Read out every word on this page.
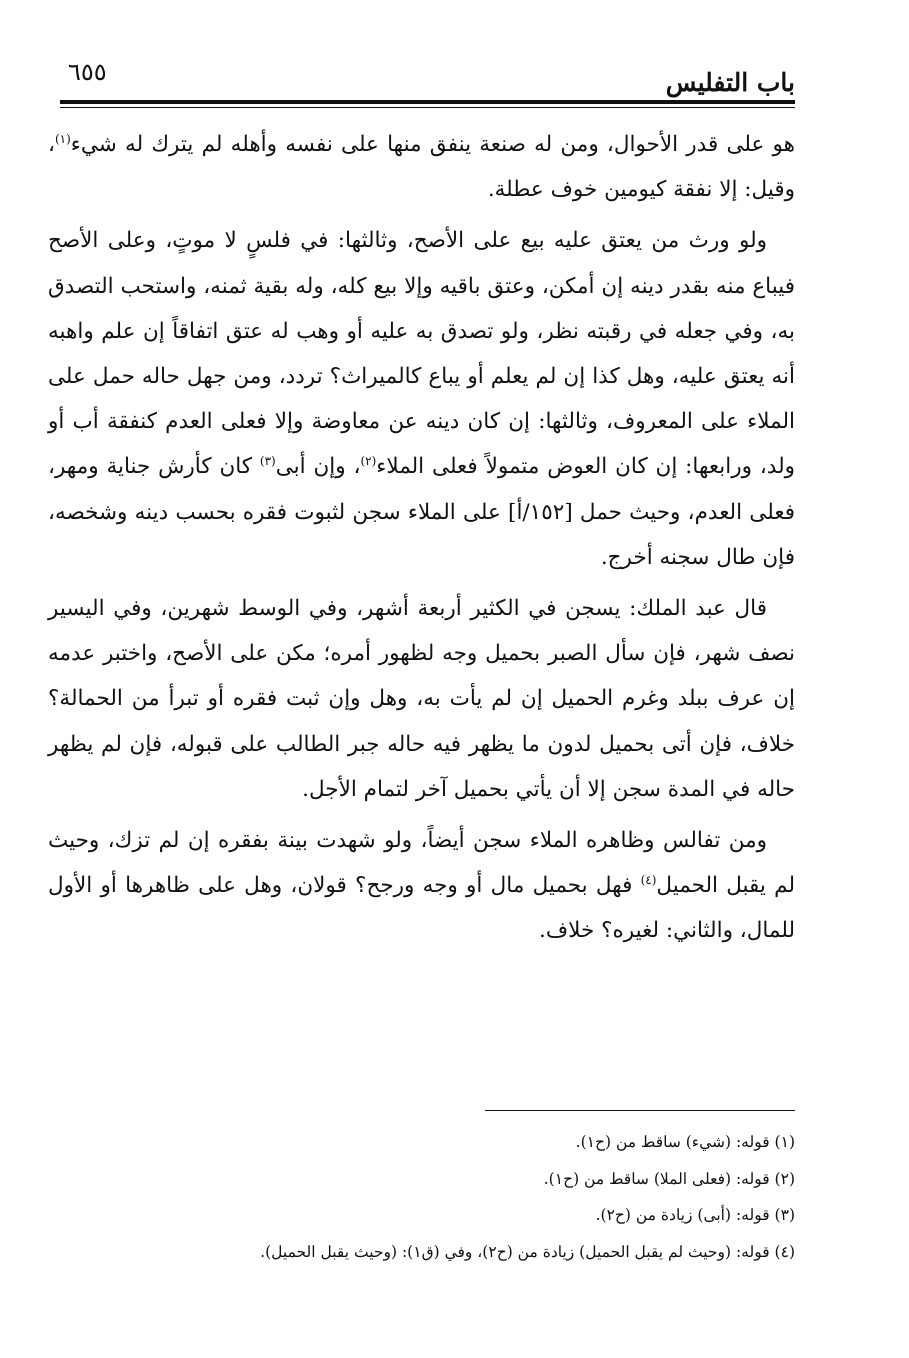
٦٥٥	باب التفليس

هو على قدر الأحوال، ومن له صنعة ينفق منها على نفسه وأهله لم يترك له شيء$^{(١)}$، وقيل: إلا نفقة كيومين خوف عطلة.

ولو ورث من يعتق عليه بيع على الأصح، وثالثها: في فلسٍ لا موتٍ، وعلى الأصح فيباع منه بقدر دينه إن أمكن، وعتق باقيه وإلا بيع كله، وله بقية ثمنه، واستحب التصدق به، وفي جعله في رقبته نظر، ولو تصدق به عليه أو وهب له عتق اتفاقاً إن علم واهبه أنه يعتق عليه، وهل كذا إن لم يعلم أو يباع كالميراث؟ تردد، ومن جهل حاله حمل على الملاء على المعروف، وثالثها: إن كان دينه عن معاوضة وإلا فعلى العدم كنفقة أب أو ولد، ورابعها: إن كان العوض متمولاً فعلى الملاء$^{(٢)}$، وإن أبى$^{(٣)}$ كان كأرش جناية ومهر، فعلى العدم، وحيث حمل [١٥٢/أ] على الملاء سجن لثبوت فقره بحسب دينه وشخصه، فإن طال سجنه أخرج.

قال عبد الملك: يسجن في الكثير أربعة أشهر، وفي الوسط شهرين، وفي اليسير نصف شهر، فإن سأل الصبر بحميل وجه لظهور أمره؛ مكن على الأصح، واختبر عدمه إن عرف ببلد وغرم الحميل إن لم يأت به، وهل وإن ثبت فقره أو تبرأ من الحمالة؟ خلاف، فإن أتى بحميل لدون ما يظهر فيه حاله جبر الطالب على قبوله، فإن لم يظهر حاله في المدة سجن إلا أن يأتي بحميل آخر لتمام الأجل.

ومن تفالس وظاهره الملاء سجن أيضاً، ولو شهدت بينة بفقره إن لم تزك، وحيث لم يقبل الحميل$^{(٤)}$ فهل بحميل مال أو وجه ورجح؟ قولان، وهل على ظاهرها أو الأول للمال، والثاني: لغيره؟ خلاف.

(١) قوله: (شيء) ساقط من (ح١).

(٢) قوله: (فعلى الملا) ساقط من (ح١).

(٣) قوله: (أبى) زيادة من (ح٢).

(٤) قوله: (وحيث لم يقبل الحميل) زيادة من (ح٢)، وفي (ق١): (وحيث يقبل الحميل).
